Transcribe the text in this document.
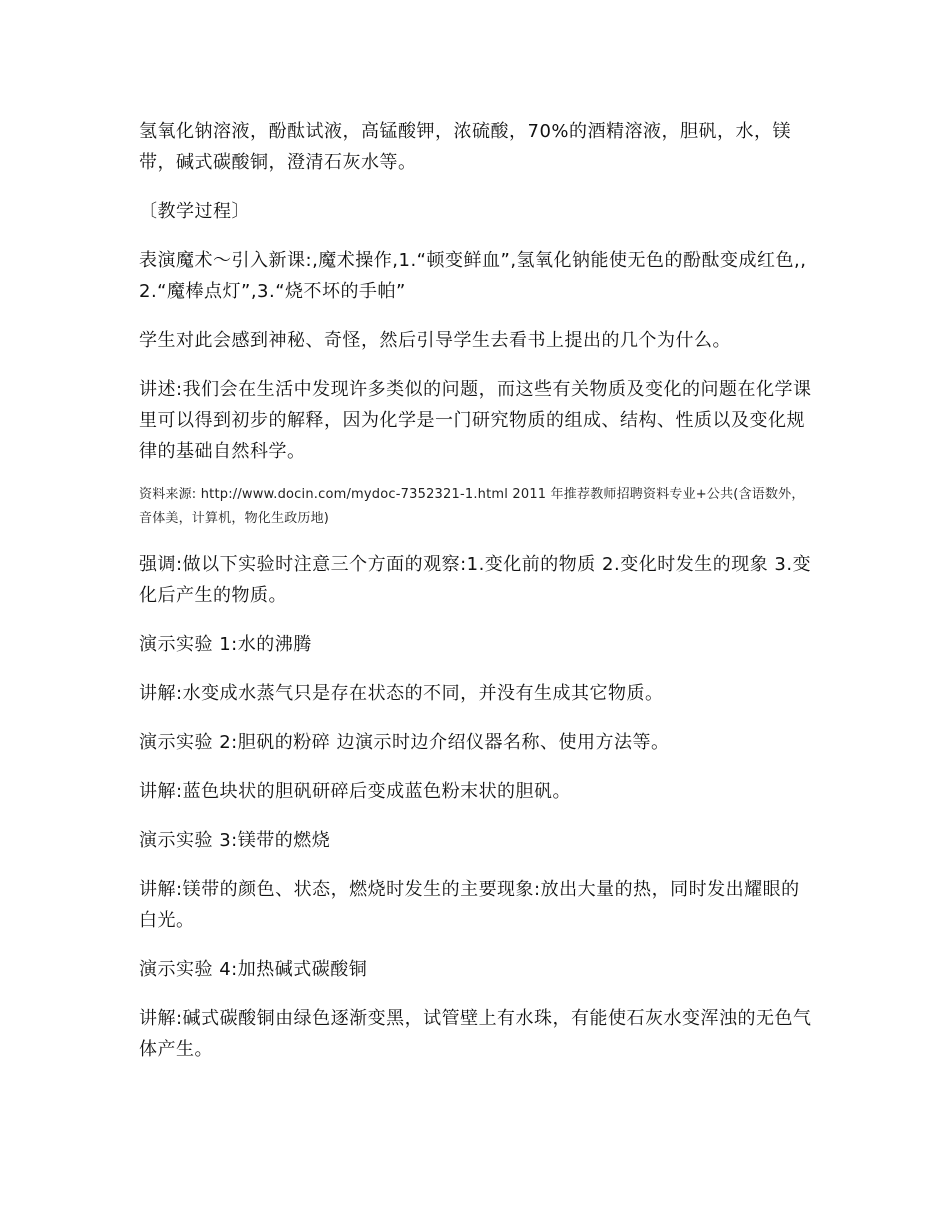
氢氧化钠溶液，酚酞试液，高锰酸钾，浓硫酸，70%的酒精溶液，胆矾，水，镁带，碱式碳酸铜，澄清石灰水等。

〔教学过程〕

表演魔术～引入新课:,魔术操作,1.“顿变鲜血”,氢氧化钠能使无色的酚酞变成红色,,2.“魔棒点灯”,3.“烧不坏的手帕”

学生对此会感到神秘、奇怪，然后引导学生去看书上提出的几个为什么。

讲述:我们会在生活中发现许多类似的问题，而这些有关物质及变化的问题在化学课里可以得到初步的解释，因为化学是一门研究物质的组成、结构、性质以及变化规律的基础自然科学。

资料来源: http://www.docin.com/mydoc-7352321-1.html 2011 年推荐教师招聘资料专业+公共(含语数外，音体美，计算机，物化生政历地)

强调:做以下实验时注意三个方面的观察:1.变化前的物质 2.变化时发生的现象 3.变化后产生的物质。

演示实验 1:水的沸腾

讲解:水变成水蒸气只是存在状态的不同，并没有生成其它物质。

演示实验 2:胆矾的粉碎 边演示时边介绍仪器名称、使用方法等。

讲解:蓝色块状的胆矾研碎后变成蓝色粉末状的胆矾。

演示实验 3:镁带的燃烧

讲解:镁带的颜色、状态，燃烧时发生的主要现象:放出大量的热，同时发出耀眼的白光。

演示实验 4:加热碱式碳酸铜

讲解:碱式碳酸铜由绿色逐渐变黑，试管壁上有水珠，有能使石灰水变浑浊的无色气体产生。
